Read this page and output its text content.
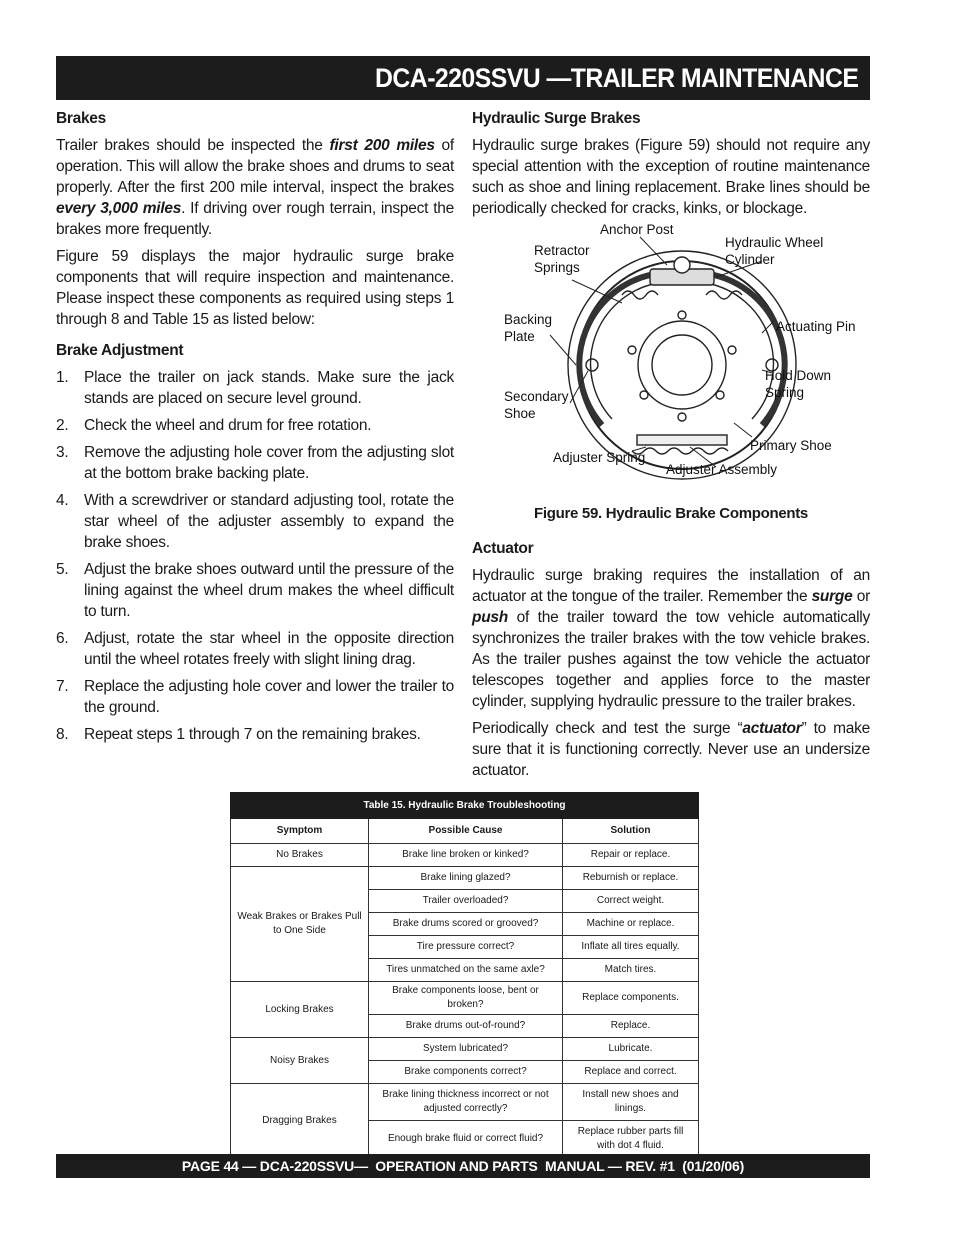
DCA-220SSVU —TRAILER MAINTENANCE
Brakes

Trailer brakes should be inspected the first 200 miles of operation. This will allow the brake shoes and drums to seat properly. After the first 200 mile interval, inspect the brakes every 3,000 miles. If driving over rough terrain, inspect the brakes more frequently.

Figure 59 displays the major hydraulic surge brake components that will require inspection and maintenance. Please inspect these components as required using steps 1 through 8 and Table 15 as listed below:

Brake Adjustment
1. Place the trailer on jack stands. Make sure the jack stands are placed on secure level ground.
2. Check the wheel and drum for free rotation.
3. Remove the adjusting hole cover from the adjusting slot at the bottom brake backing plate.
4. With a screwdriver or standard adjusting tool, rotate the star wheel of the adjuster assembly to expand the brake shoes.
5. Adjust the brake shoes outward until the pressure of the lining against the wheel drum makes the wheel difficult to turn.
6. Adjust, rotate the star wheel in the opposite direction until the wheel rotates freely with slight lining drag.
7. Replace the adjusting hole cover and lower the trailer to the ground.
8. Repeat steps 1 through 7 on the remaining brakes.
Hydraulic Surge Brakes

Hydraulic surge brakes (Figure 59) should not require any special attention with the exception of routine maintenance such as shoe and lining replacement. Brake lines should be periodically checked for cracks, kinks, or blockage.

Anchor Post
Retractor
Springs
Hydraulic Wheel
Cylinder
Backing
Plate
Actuating Pin
Hold Down
Spring
Secondary
Shoe
Primary Shoe
Adjuster Spring
Adjuster Assembly
Figure 59. Hydraulic Brake Components
Actuator

Hydraulic surge braking requires the installation of an actuator at the tongue of the trailer. Remember the surge or push of the trailer toward the tow vehicle automatically synchronizes the trailer brakes with the tow vehicle brakes. As the trailer pushes against the tow vehicle the actuator telescopes together and applies force to the master cylinder, supplying hydraulic pressure to the trailer brakes.

Periodically check and test the surge “actuator” to make sure that it is functioning correctly. Never use an undersize actuator.

Table 15. Hydraulic Brake Troubleshooting		
Symptom	Possible Cause	Solution
No Brakes	Brake line broken or kinked?	Repair or replace.
Weak Brakes or Brakes Pull to One Side	Brake lining glazed?	Reburnish or replace.
	Trailer overloaded?	Correct weight.
	Brake drums scored or grooved?	Machine or replace.
	Tire pressure correct?	Inflate all tires equally.
	Tires unmatched on the same axle?	Match tires.
Locking Brakes	Brake components loose, bent or broken?	Replace components.
	Brake drums out-of-round?	Replace.
Noisy Brakes	System lubricated?	Lubricate.
	Brake components correct?	Replace and correct.
Dragging Brakes	Brake lining thickness incorrect or not adjusted correctly?	Install new shoes and linings.
	Enough brake fluid or correct fluid?	Replace rubber parts fill with dot 4 fluid.
PAGE 44 — DCA-220SSVU—  OPERATION AND PARTS  MANUAL — REV. #1  (01/20/06)
